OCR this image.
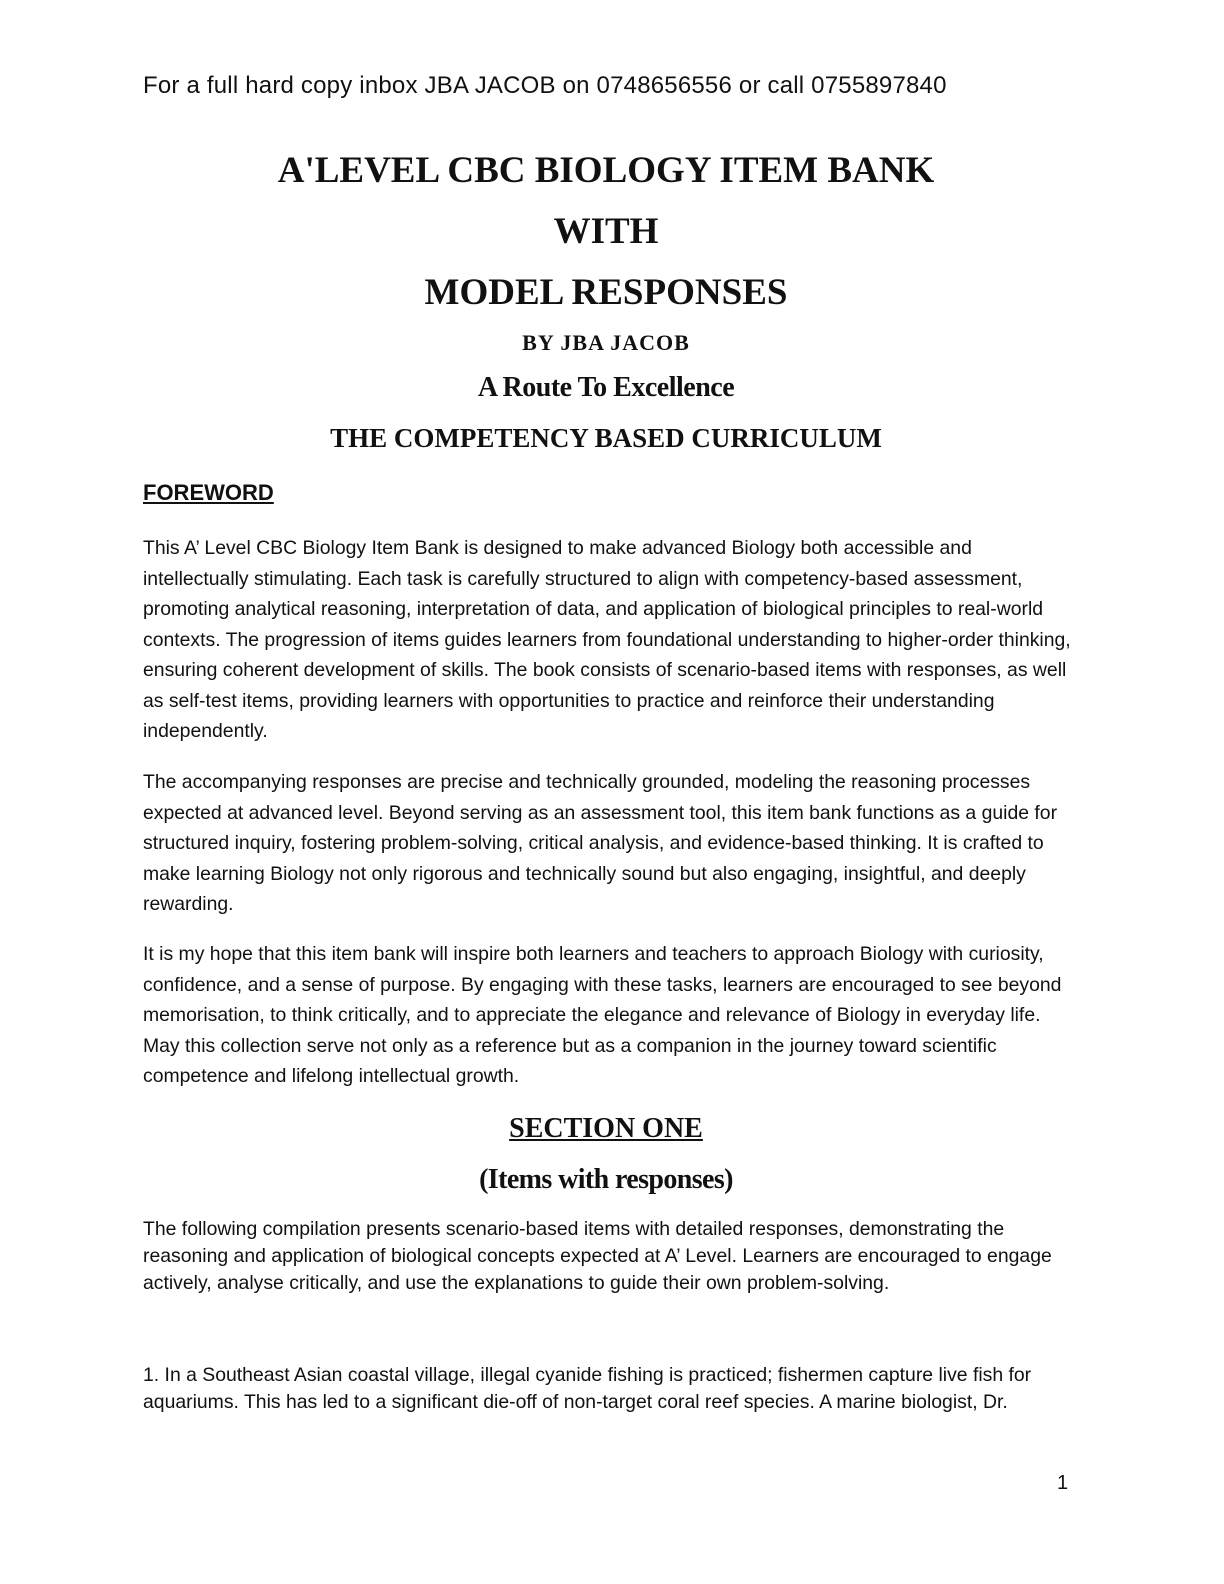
For a full hard copy inbox JBA JACOB on 0748656556 or call 0755897840
A'LEVEL CBC BIOLOGY ITEM BANK
WITH
MODEL RESPONSES
BY JBA JACOB
A Route To Excellence
THE COMPETENCY BASED CURRICULUM
FOREWORD

This A’ Level CBC Biology Item Bank is designed to make advanced Biology both accessible and intellectually stimulating. Each task is carefully structured to align with competency-based assessment, promoting analytical reasoning, interpretation of data, and application of biological principles to real-world contexts. The progression of items guides learners from foundational understanding to higher-order thinking, ensuring coherent development of skills. The book consists of scenario-based items with responses, as well as self-test items, providing learners with opportunities to practice and reinforce their understanding independently.

The accompanying responses are precise and technically grounded, modeling the reasoning processes expected at advanced level. Beyond serving as an assessment tool, this item bank functions as a guide for structured inquiry, fostering problem-solving, critical analysis, and evidence-based thinking. It is crafted to make learning Biology not only rigorous and technically sound but also engaging, insightful, and deeply rewarding.

It is my hope that this item bank will inspire both learners and teachers to approach Biology with curiosity, confidence, and a sense of purpose. By engaging with these tasks, learners are encouraged to see beyond memorisation, to think critically, and to appreciate the elegance and relevance of Biology in everyday life. May this collection serve not only as a reference but as a companion in the journey toward scientific competence and lifelong intellectual growth.

SECTION ONE
(Items with responses)

The following compilation presents scenario-based items with detailed responses, demonstrating the reasoning and application of biological concepts expected at A’ Level. Learners are encouraged to engage actively, analyse critically, and use the explanations to guide their own problem-solving.

1. In a Southeast Asian coastal village, illegal cyanide fishing is practiced; fishermen capture live fish for aquariums. This has led to a significant die-off of non-target coral reef species. A marine biologist, Dr.

1
